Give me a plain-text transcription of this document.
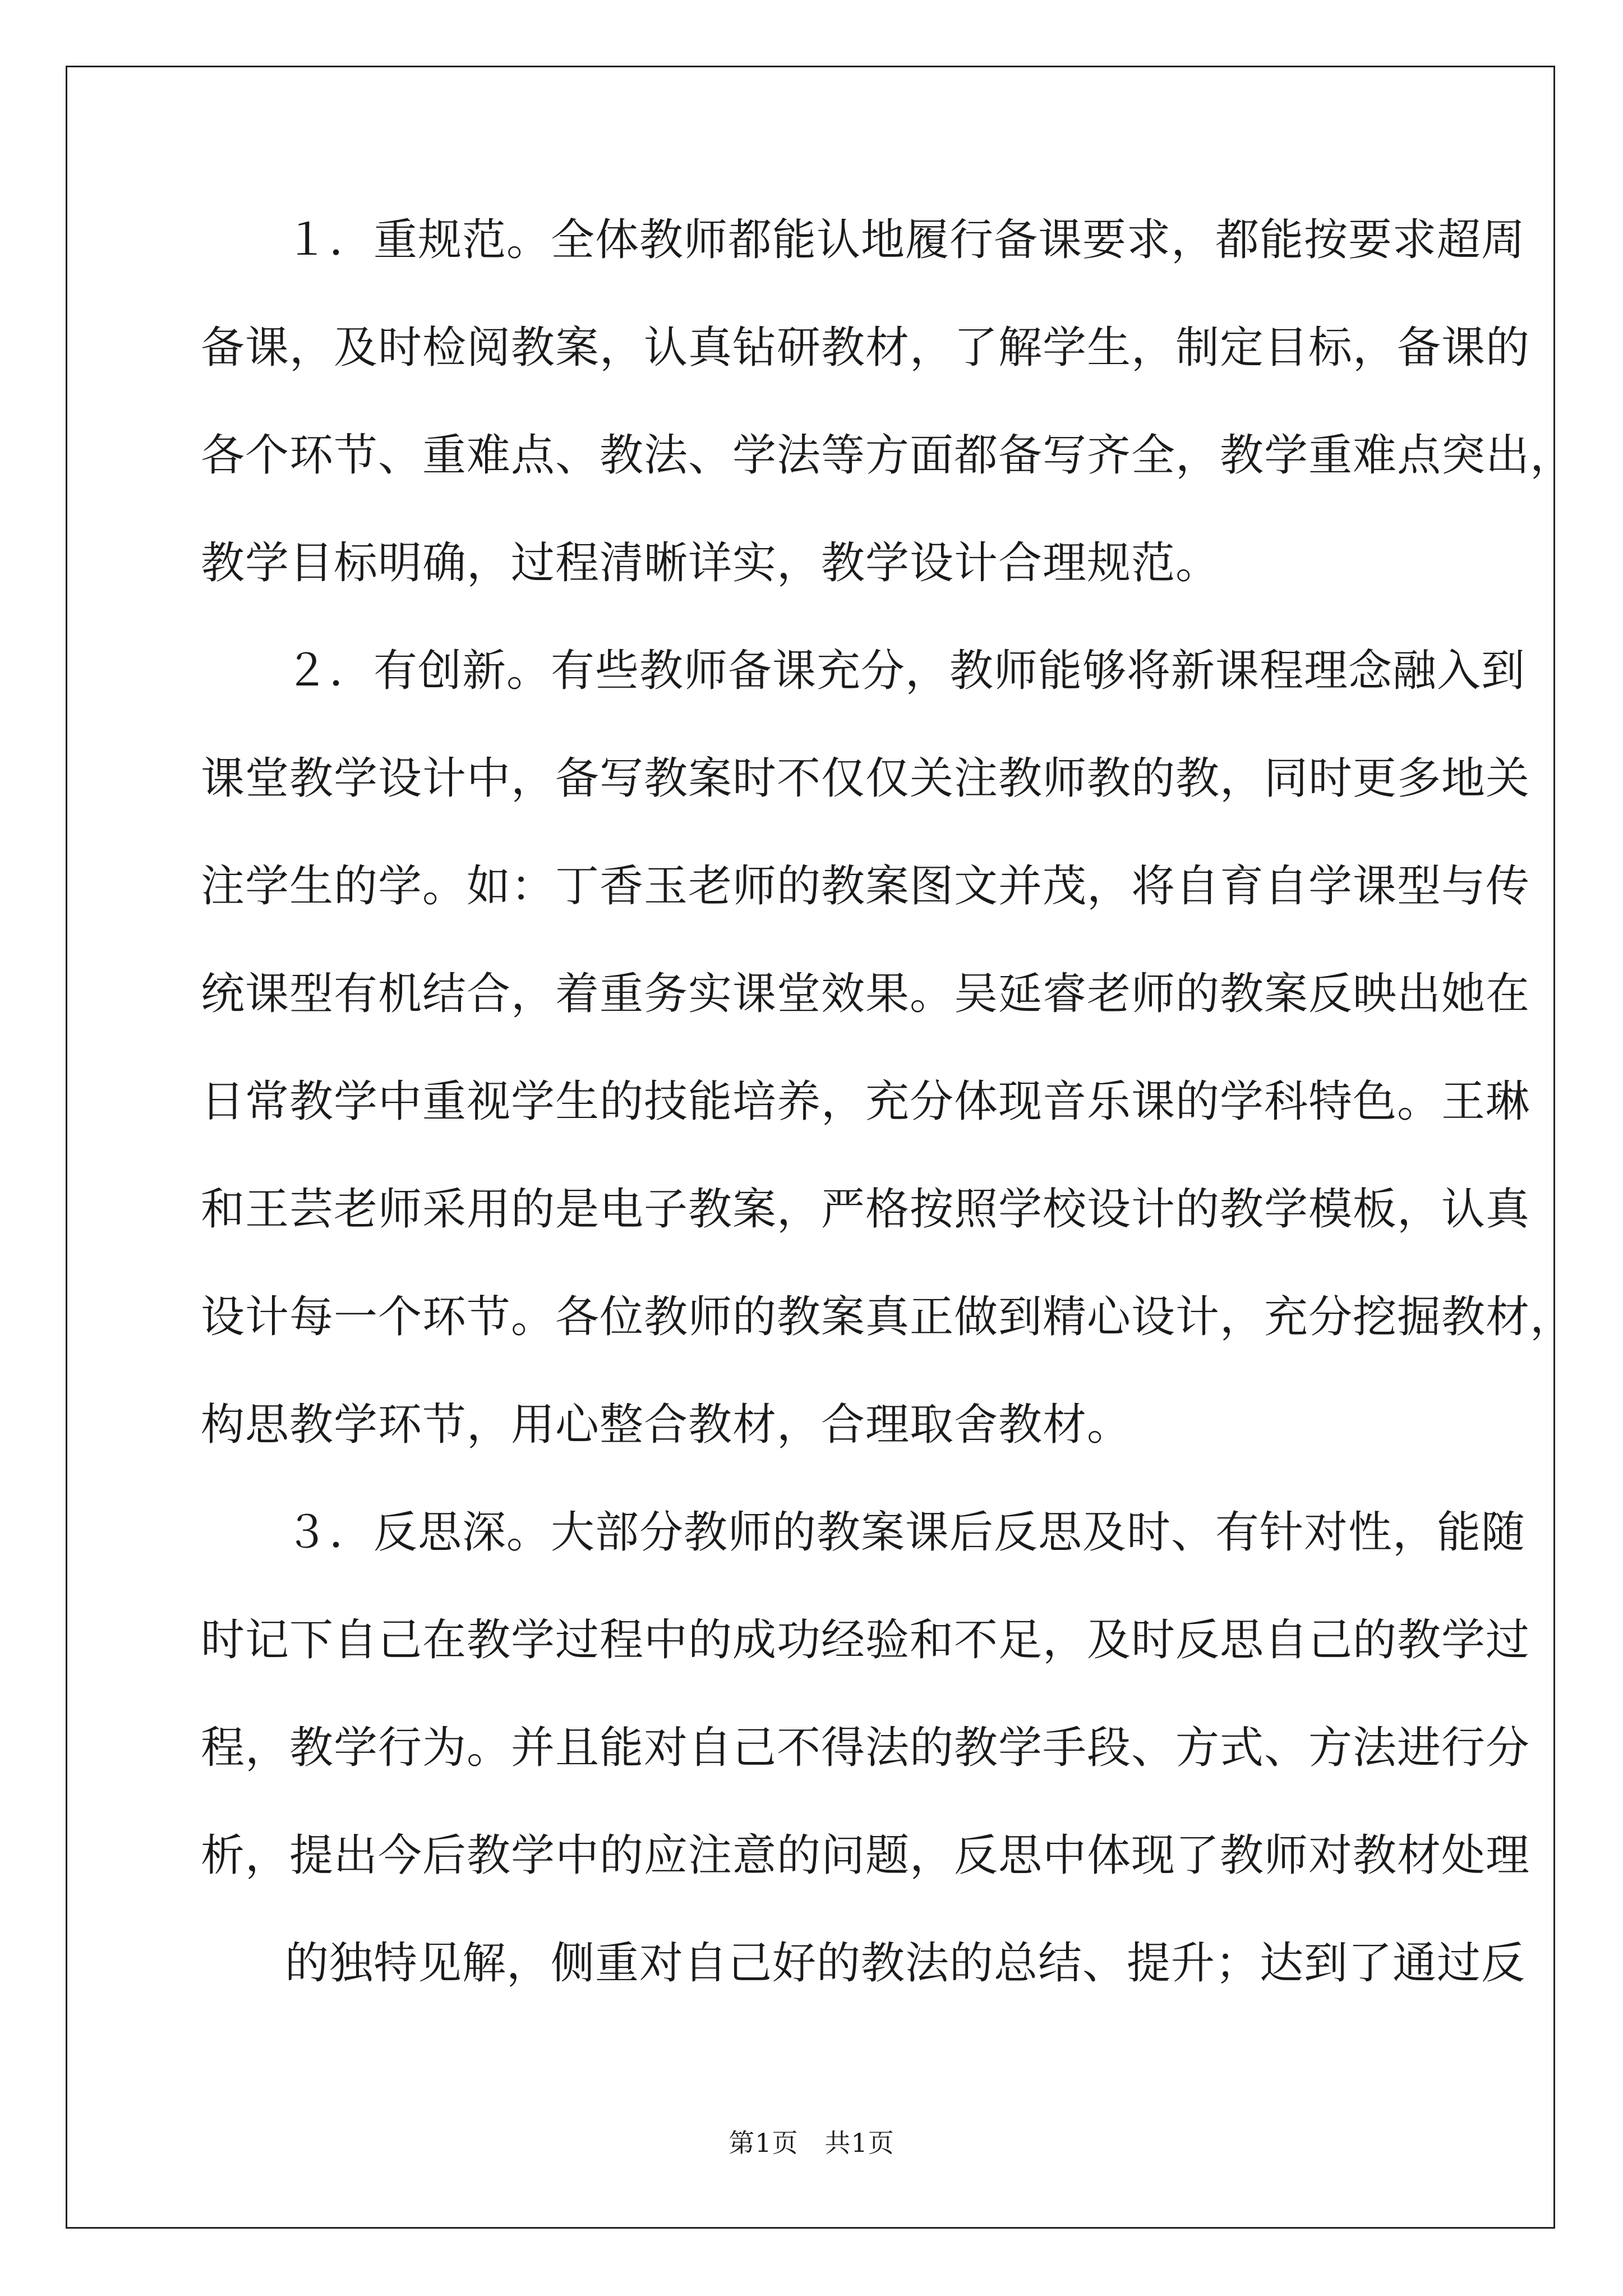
１．重规范。全体教师都能认地履行备课要求，都能按要求超周
备课，及时检阅教案，认真钻研教材，了解学生，制定目标，备课的
各个环节、重难点、教法、学法等方面都备写齐全，教学重难点突出，
教学目标明确，过程清晰详实，教学设计合理规范。
２．有创新。有些教师备课充分，教师能够将新课程理念融入到
课堂教学设计中，备写教案时不仅仅关注教师教的教，同时更多地关
注学生的学。如：丁香玉老师的教案图文并茂，将自育自学课型与传
统课型有机结合，着重务实课堂效果。吴延睿老师的教案反映出她在
日常教学中重视学生的技能培养，充分体现音乐课的学科特色。王琳
和王芸老师采用的是电子教案，严格按照学校设计的教学模板，认真
设计每一个环节。各位教师的教案真正做到精心设计，充分挖掘教材，
构思教学环节，用心整合教材，合理取舍教材。
３．反思深。大部分教师的教案课后反思及时、有针对性，能随
时记下自己在教学过程中的成功经验和不足，及时反思自己的教学过
程，教学行为。并且能对自己不得法的教学手段、方式、方法进行分
析，提出今后教学中的应注意的问题，反思中体现了教师对教材处理
的独特见解，侧重对自己好的教法的总结、提升；达到了通过反
第1页　共1页
